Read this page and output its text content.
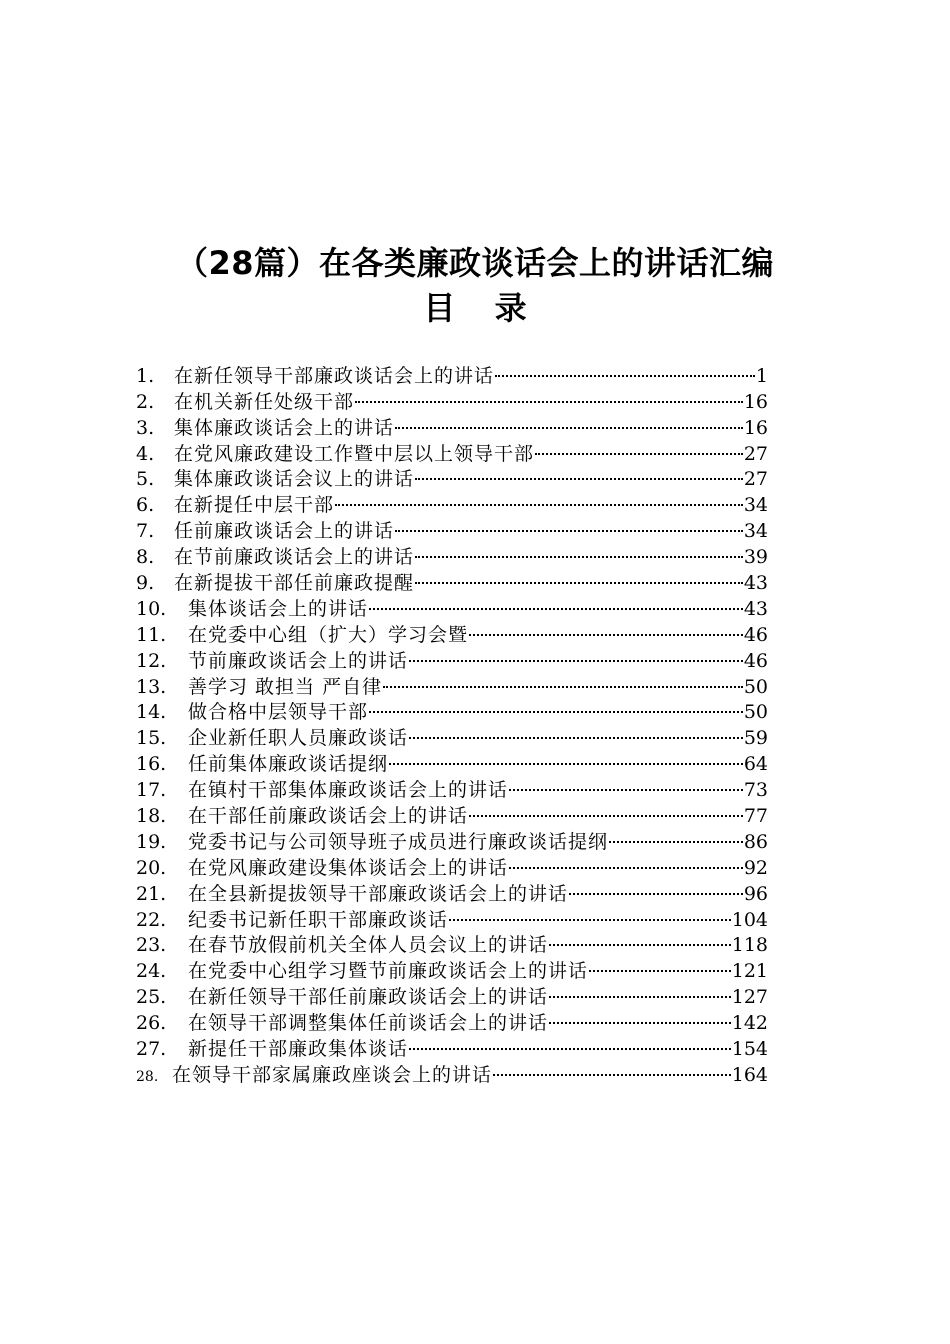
（28篇）在各类廉政谈话会上的讲话汇编
目 录
1.	在新任领导干部廉政谈话会上的讲话	1
2.	在机关新任处级干部	16
3.	集体廉政谈话会上的讲话	16
4.	在党风廉政建设工作暨中层以上领导干部	27
5.	集体廉政谈话会议上的讲话	27
6.	在新提任中层干部	34
7.	任前廉政谈话会上的讲话	34
8.	在节前廉政谈话会上的讲话	39
9.	在新提拔干部任前廉政提醒	43
10.	集体谈话会上的讲话	43
11.	在党委中心组（扩大）学习会暨	46
12.	节前廉政谈话会上的讲话	46
13.	善学习 敢担当 严自律	50
14.	做合格中层领导干部	50
15.	企业新任职人员廉政谈话	59
16.	任前集体廉政谈话提纲	64
17.	在镇村干部集体廉政谈话会上的讲话	73
18.	在干部任前廉政谈话会上的讲话	77
19.	党委书记与公司领导班子成员进行廉政谈话提纲	86
20.	在党风廉政建设集体谈话会上的讲话	92
21.	在全县新提拔领导干部廉政谈话会上的讲话	96
22.	纪委书记新任职干部廉政谈话	104
23.	在春节放假前机关全体人员会议上的讲话	118
24.	在党委中心组学习暨节前廉政谈话会上的讲话	121
25.	在新任领导干部任前廉政谈话会上的讲话	127
26.	在领导干部调整集体任前谈话会上的讲话	142
27.	新提任干部廉政集体谈话	154
28. 在领导干部家属廉政座谈会上的讲话	164
